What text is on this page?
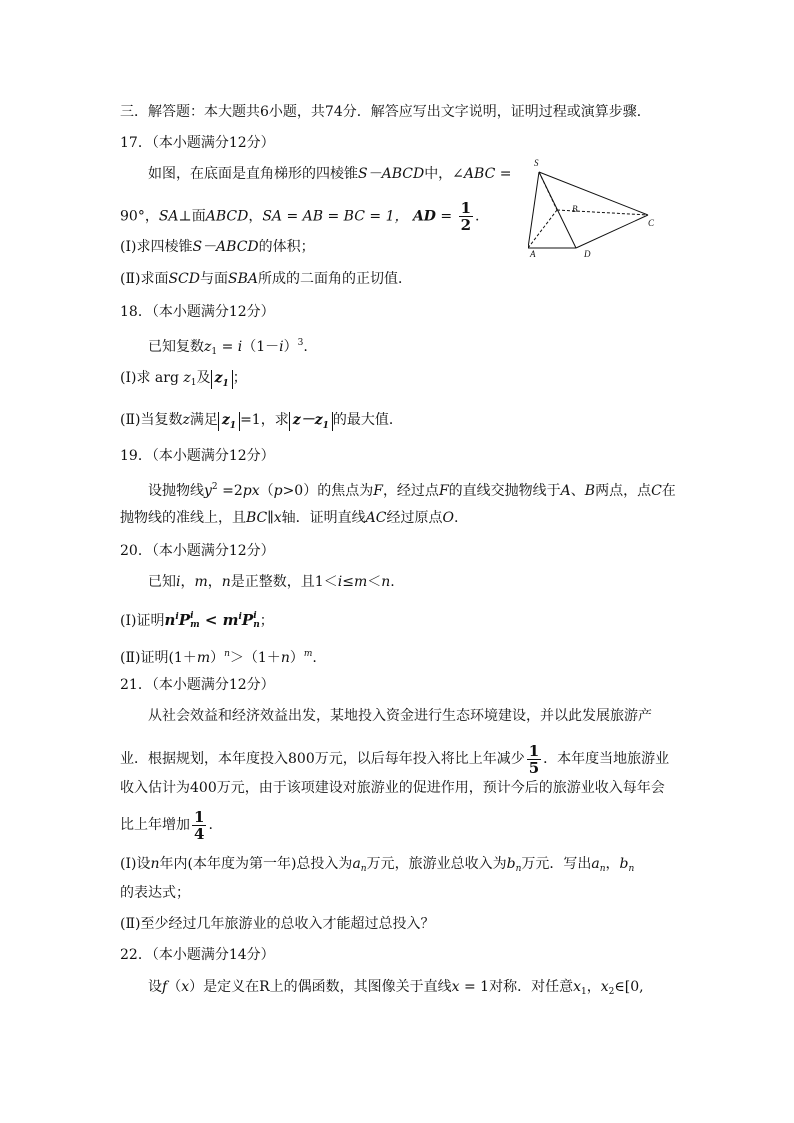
三．解答题：本大题共6小题，共74分．解答应写出文字说明，证明过程或演算步骤．
17．（本小题满分12分）
如图，在底面是直角梯形的四棱锥S－ABCD中，∠ABC =
90°，SA⊥面ABCD，SA = AB = BC = 1， AD = $\frac{1}{2}$ .
(Ⅰ)求四棱锥S－ABCD的体积；
(Ⅱ)求面SCD与面SBA所成的二面角的正切值．
S
B
C
A	D
18．（本小题满分12分）
已知复数$z_1 = i(1-i)^3$.
(Ⅰ)求 arg $z_1$及 z1 ；
(Ⅱ)当复数z满足 z1 =1，求 z－z1 的最大值．
19．（本小题满分12分）
设抛物线$y^2 =2px(p>0)$的焦点为F，经过点F的直线交抛物线于A、B两点，点C在
抛物线的准线上，且BC∥x轴．证明直线AC经过原点O.
20．（本小题满分12分）
已知i，m，n是正整数，且1＜i≤m＜n.
(Ⅰ)证明$n^iP$ i
$m < m^iP$ i
n ；
(Ⅱ)证明$(1+m)^n>(1+n)^m$.
21．（本小题满分12分）
从社会效益和经济效益出发，某地投入资金进行生态环境建设，并以此发展旅游产
业．根据规划，本年度投入800万元，以后每年投入将比上年减少 $\frac{1}{5}$ ．本年度当地旅游业
收入估计为400万元，由于该项建设对旅游业的促进作用，预计今后的旅游业收入每年会
比上年增加 $\frac{1}{4}$ .
(Ⅰ)设n年内(本年度为第一年)总投入为$a_n$万元，旅游业总收入为$b_n$万元．写出$a_n$，$b_n$
的表达式；
(Ⅱ)至少经过几年旅游业的总收入才能超过总投入？
22．（本小题满分14分）
设f（x）是定义在R上的偶函数，其图像关于直线x = 1对称．对任意$x_1$，$x_2\in[0$,
